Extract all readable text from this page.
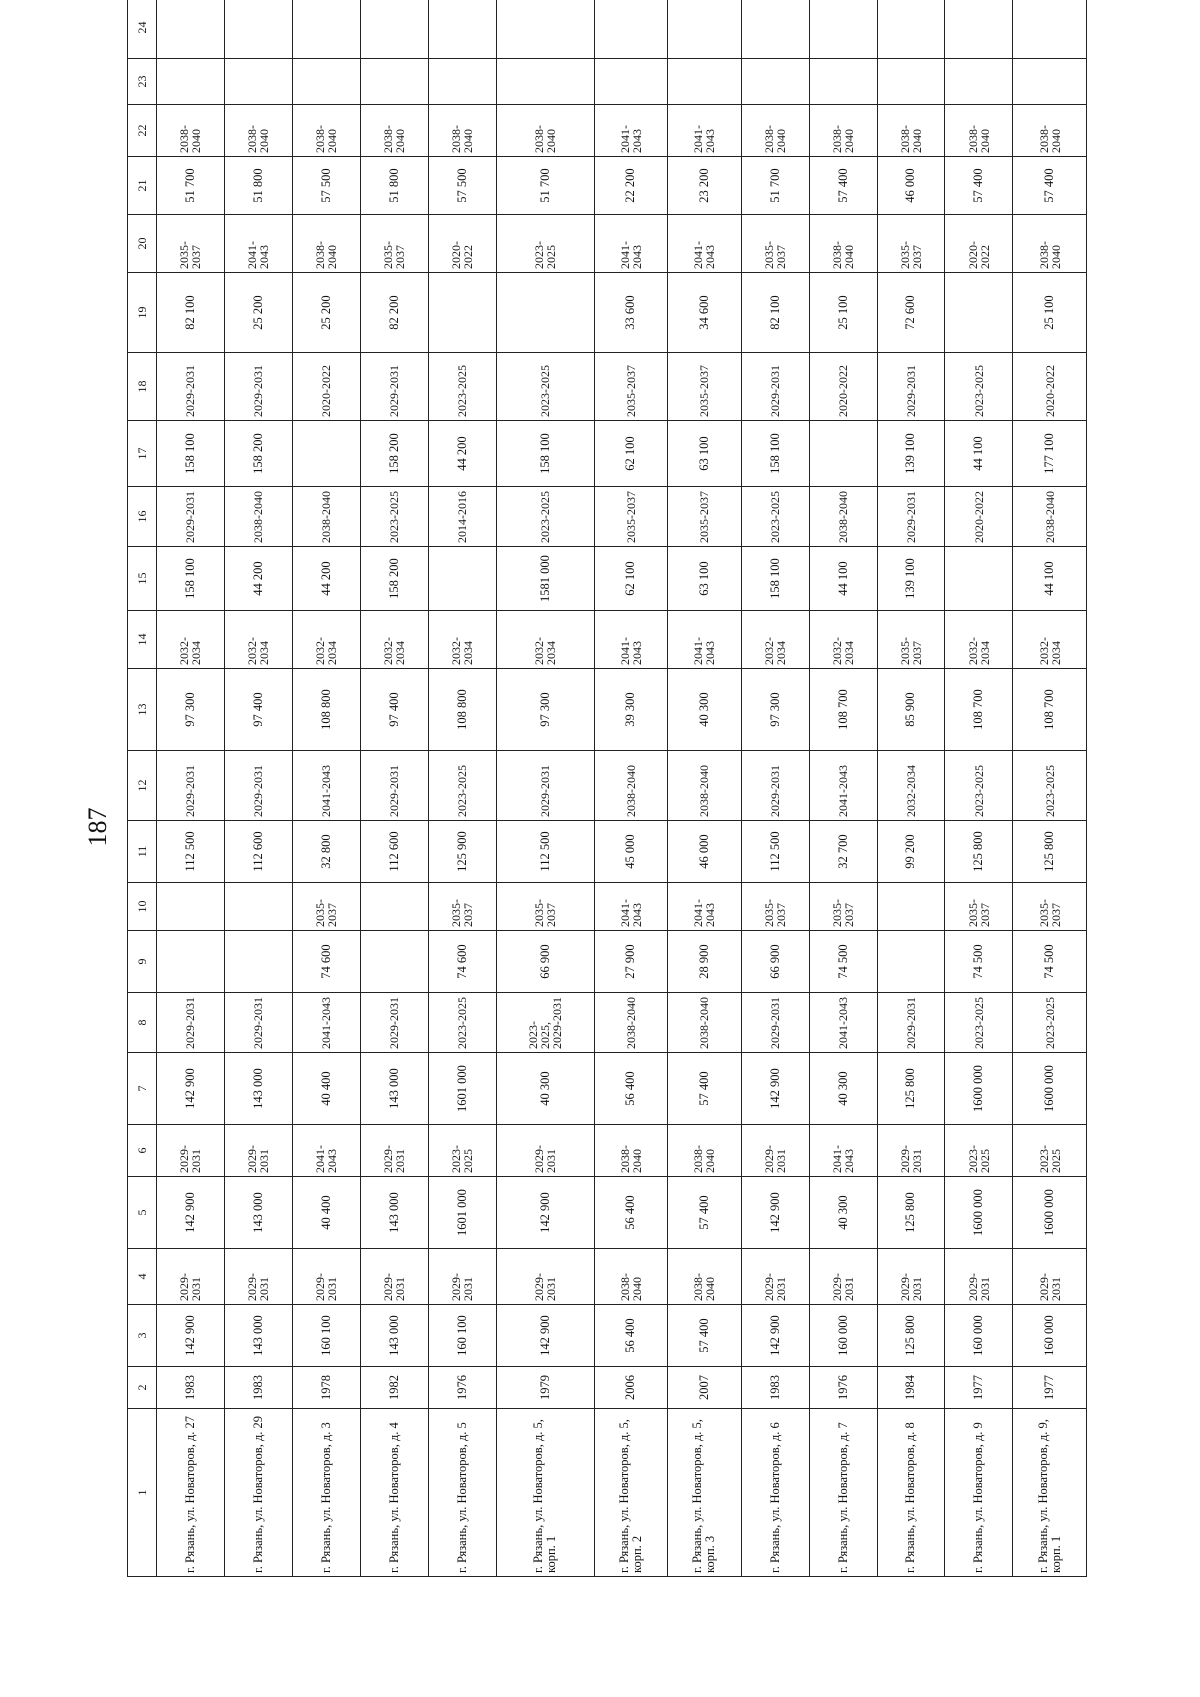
187
1	2	3	4	5	6	7	8	9	10	11	12	13	14	15	16	17	18	19	20	21	22	23	24
г. Рязань, ул. Новаторов, д. 27	1983	142 900	2029-2031	142 900	2029-2031	142 900	2029-2031			112 500	2029-2031	97 300	2032-2034	158 100	2029-2031	158 100	2029-2031	82 100	2035-2037	51 700	2038-2040		
г. Рязань, ул. Новаторов, д. 29	1983	143 000	2029-2031	143 000	2029-2031	143 000	2029-2031			112 600	2029-2031	97 400	2032-2034	44 200	2038-2040	158 200	2029-2031	25 200	2041-2043	51 800	2038-2040		
г. Рязань, ул. Новаторов, д. 3	1978	160 100	2029-2031	40 400	2041-2043	40 400	2041-2043	74 600	2035-2037	32 800	2041-2043	108 800	2032-2034	44 200	2038-2040		2020-2022	25 200	2038-2040	57 500	2038-2040		
г. Рязань, ул. Новаторов, д. 4	1982	143 000	2029-2031	143 000	2029-2031	143 000	2029-2031			112 600	2029-2031	97 400	2032-2034	158 200	2023-2025	158 200	2029-2031	82 200	2035-2037	51 800	2038-2040		
г. Рязань, ул. Новаторов, д. 5	1976	160 100	2029-2031	1601 000	2023-2025	1601 000	2023-2025	74 600	2035-2037	125 900	2023-2025	108 800	2032-2034		2014-2016	44 200	2023-2025		2020-2022	57 500	2038-2040		
г. Рязань, ул. Новаторов, д. 5, корп. 1	1979	142 900	2029-2031	142 900	2029-2031	40 300	2023-2025, 2029-2031	66 900	2035-2037	112 500	2029-2031	97 300	2032-2034	1581 000	2023-2025	158 100	2023-2025		2023-2025	51 700	2038-2040		
г. Рязань, ул. Новаторов, д. 5, корп. 2	2006	56 400	2038-2040	56 400	2038-2040	56 400	2038-2040	27 900	2041-2043	45 000	2038-2040	39 300	2041-2043	62 100	2035-2037	62 100	2035-2037	33 600	2041-2043	22 200	2041-2043		
г. Рязань, ул. Новаторов, д. 5, корп. 3	2007	57 400	2038-2040	57 400	2038-2040	57 400	2038-2040	28 900	2041-2043	46 000	2038-2040	40 300	2041-2043	63 100	2035-2037	63 100	2035-2037	34 600	2041-2043	23 200	2041-2043		
г. Рязань, ул. Новаторов, д. 6	1983	142 900	2029-2031	142 900	2029-2031	142 900	2029-2031	66 900	2035-2037	112 500	2029-2031	97 300	2032-2034	158 100	2023-2025	158 100	2029-2031	82 100	2035-2037	51 700	2038-2040		
г. Рязань, ул. Новаторов, д. 7	1976	160 000	2029-2031	40 300	2041-2043	40 300	2041-2043	74 500	2035-2037	32 700	2041-2043	108 700	2032-2034	44 100	2038-2040		2020-2022	25 100	2038-2040	57 400	2038-2040		
г. Рязань, ул. Новаторов, д. 8	1984	125 800	2029-2031	125 800	2029-2031	125 800	2029-2031			99 200	2032-2034	85 900	2035-2037	139 100	2029-2031	139 100	2029-2031	72 600	2035-2037	46 000	2038-2040		
г. Рязань, ул. Новаторов, д. 9	1977	160 000	2029-2031	1600 000	2023-2025	1600 000	2023-2025	74 500	2035-2037	125 800	2023-2025	108 700	2032-2034		2020-2022	44 100	2023-2025		2020-2022	57 400	2038-2040		
г. Рязань, ул. Новаторов, д. 9, корп. 1	1977	160 000	2029-2031	1600 000	2023-2025	1600 000	2023-2025	74 500	2035-2037	125 800	2023-2025	108 700	2032-2034	44 100	2038-2040	177 100	2020-2022	25 100	2038-2040	57 400	2038-2040		
